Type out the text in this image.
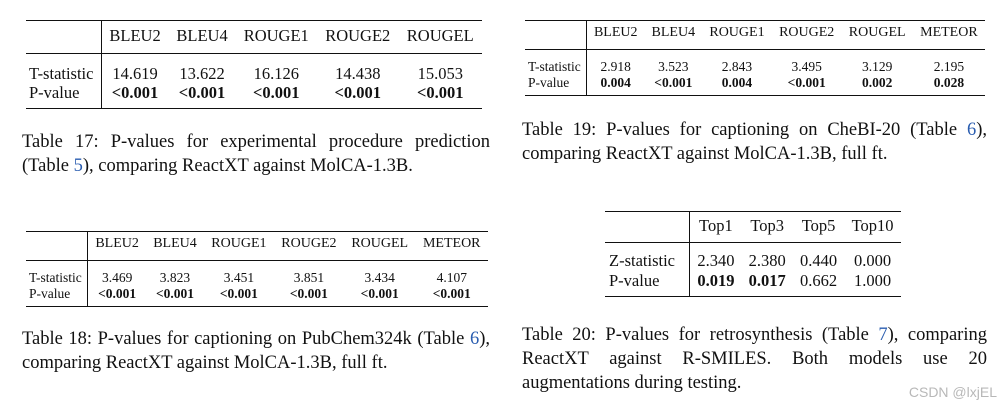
	BLEU2	BLEU4	ROUGE1	ROUGE2	ROUGEL
T-statistic	14.619	13.622	16.126	14.438	15.053
P-value	<0.001	<0.001	<0.001	<0.001	<0.001
Table 17: P-values for experimental procedure prediction (Table 5), comparing ReactXT against MolCA-1.3B.
	BLEU2	BLEU4	ROUGE1	ROUGE2	ROUGEL	METEOR
T-statistic	3.469	3.823	3.451	3.851	3.434	4.107
P-value	<0.001	<0.001	<0.001	<0.001	<0.001	<0.001
Table 18: P-values for captioning on PubChem324k (Table 6), comparing ReactXT against MolCA-1.3B, full ft.
	BLEU2	BLEU4	ROUGE1	ROUGE2	ROUGEL	METEOR
T-statistic	2.918	3.523	2.843	3.495	3.129	2.195
P-value	0.004	<0.001	0.004	<0.001	0.002	0.028
Table 19: P-values for captioning on CheBI-20 (Table 6), comparing ReactXT against MolCA-1.3B, full ft.
	Top1	Top3	Top5	Top10
Z-statistic	2.340	2.380	0.440	0.000
P-value	0.019	0.017	0.662	1.000
Table 20: P-values for retrosynthesis (Table 7), comparing ReactXT against R-SMILES. Both models use 20 augmentations during testing.	CSDN @lxjEL
